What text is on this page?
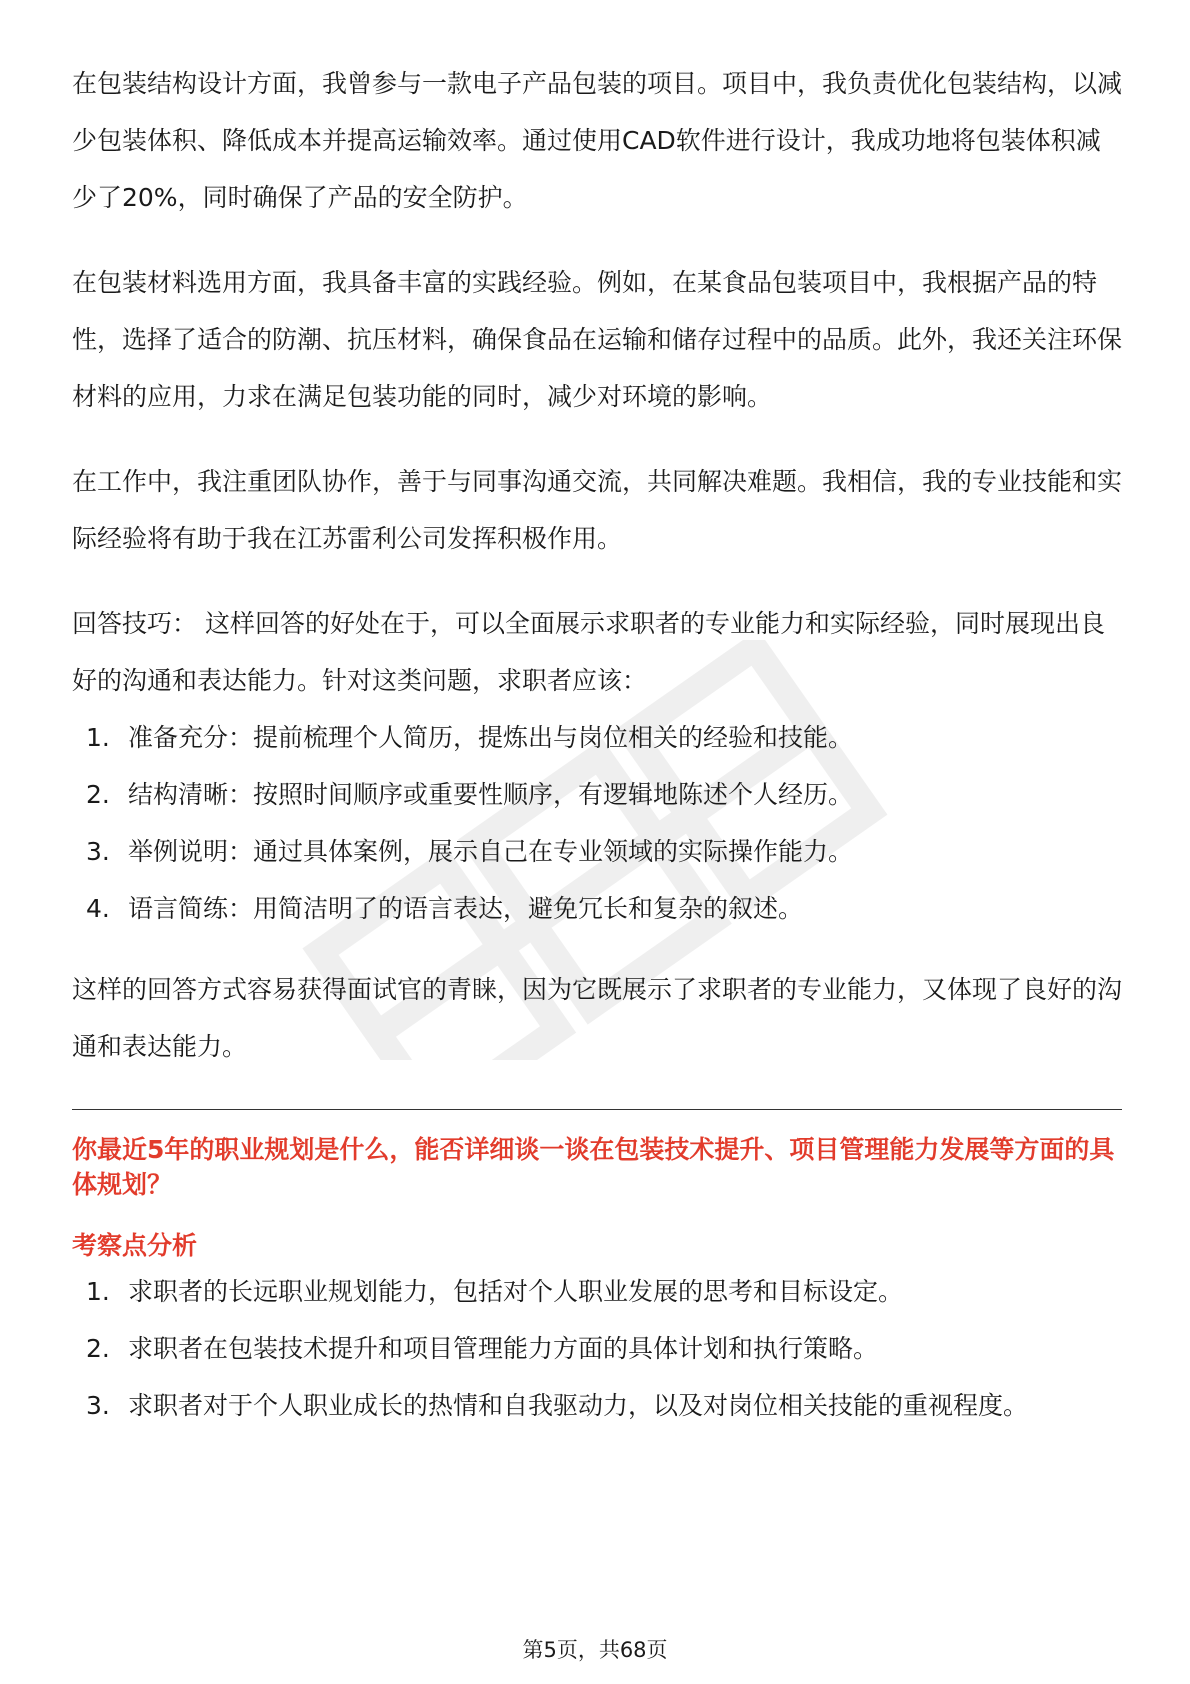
在包装结构设计方面，我曾参与一款电子产品包装的项目。项目中，我负责优化包装结构，以减少包装体积、降低成本并提高运输效率。通过使用CAD软件进行设计，我成功地将包装体积减少了20%，同时确保了产品的安全防护。

在包装材料选用方面，我具备丰富的实践经验。例如，在某食品包装项目中，我根据产品的特性，选择了适合的防潮、抗压材料，确保食品在运输和储存过程中的品质。此外，我还关注环保材料的应用，力求在满足包装功能的同时，减少对环境的影响。

在工作中，我注重团队协作，善于与同事沟通交流，共同解决难题。我相信，我的专业技能和实际经验将有助于我在江苏雷利公司发挥积极作用。

回答技巧： 这样回答的好处在于，可以全面展示求职者的专业能力和实际经验，同时展现出良好的沟通和表达能力。针对这类问题，求职者应该：

1. 准备充分：提前梳理个人简历，提炼出与岗位相关的经验和技能。
2. 结构清晰：按照时间顺序或重要性顺序，有逻辑地陈述个人经历。
3. 举例说明：通过具体案例，展示自己在专业领域的实际操作能力。
4. 语言简练：用简洁明了的语言表达，避免冗长和复杂的叙述。

这样的回答方式容易获得面试官的青睐，因为它既展示了求职者的专业能力，又体现了良好的沟通和表达能力。

你最近5年的职业规划是什么，能否详细谈一谈在包装技术提升、项目管理能力发展等方面的具体规划？

考察点分析

1. 求职者的长远职业规划能力，包括对个人职业发展的思考和目标设定。
2. 求职者在包装技术提升和项目管理能力方面的具体计划和执行策略。
3. 求职者对于个人职业成长的热情和自我驱动力，以及对岗位相关技能的重视程度。
第5页，共68页
